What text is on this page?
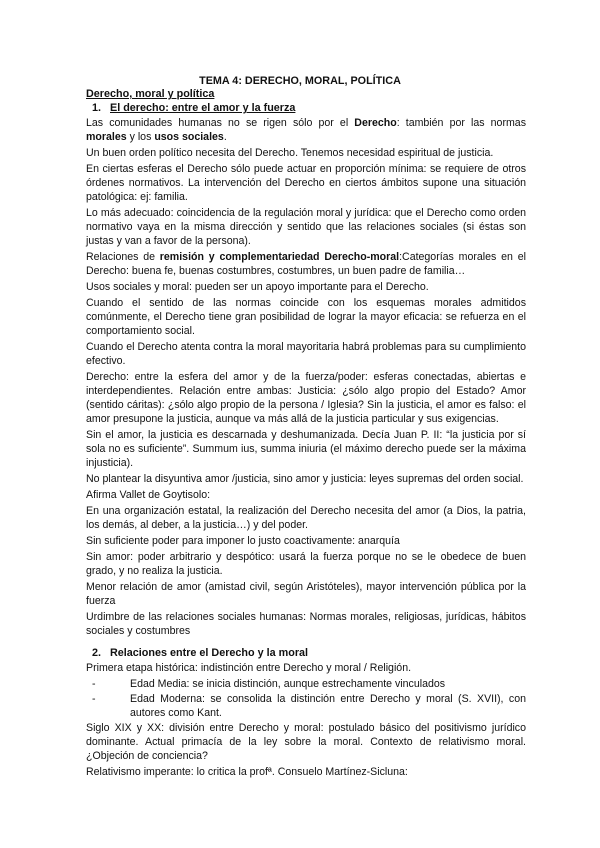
TEMA 4: DERECHO, MORAL, POLÍTICA
Derecho, moral y política
1. El derecho: entre el amor y la fuerza

Las comunidades humanas no se rigen sólo por el Derecho: también por las normas morales y los usos sociales.

Un buen orden político necesita del Derecho. Tenemos necesidad espiritual de justicia.

En ciertas esferas el Derecho sólo puede actuar en proporción mínima: se requiere de otros órdenes normativos. La intervención del Derecho en ciertos ámbitos supone una situación patológica: ej: familia.

Lo más adecuado: coincidencia de la regulación moral y jurídica: que el Derecho como orden normativo vaya en la misma dirección y sentido que las relaciones sociales (si éstas son justas y van a favor de la persona).

Relaciones de remisión y complementariedad Derecho-moral:Categorías morales en el Derecho: buena fe, buenas costumbres, costumbres, un buen padre de familia…

Usos sociales y moral: pueden ser un apoyo importante para el Derecho.

Cuando el sentido de las normas coincide con los esquemas morales admitidos comúnmente, el Derecho tiene gran posibilidad de lograr la mayor eficacia: se refuerza en el comportamiento social.

Cuando el Derecho atenta contra la moral mayoritaria habrá problemas para su cumplimiento efectivo.

Derecho: entre la esfera del amor y de la fuerza/poder: esferas conectadas, abiertas e interdependientes. Relación entre ambas: Justicia: ¿sólo algo propio del Estado? Amor (sentido cáritas): ¿sólo algo propio de la persona / Iglesia? Sin la justicia, el amor es falso: el amor presupone la justicia, aunque va más allá de la justicia particular y sus exigencias.

Sin el amor, la justicia es descarnada y deshumanizada. Decía Juan P. II: “la justicia por sí sola no es suficiente”. Summum ius, summa iniuria (el máximo derecho puede ser la máxima injusticia).

No plantear la disyuntiva amor /justicia, sino amor y justicia: leyes supremas del orden social.

Afirma Vallet de Goytisolo:

En una organización estatal, la realización del Derecho necesita del amor (a Dios, la patria, los demás, al deber, a la justicia…) y del poder.

Sin suficiente poder para imponer lo justo coactivamente: anarquía

Sin amor: poder arbitrario y despótico: usará la fuerza porque no se le obedece de buen grado, y no realiza la justicia.

Menor relación de amor (amistad civil, según Aristóteles), mayor intervención pública por la fuerza

Urdimbre de las relaciones sociales humanas: Normas morales, religiosas, jurídicas, hábitos sociales y costumbres

2. Relaciones entre el Derecho y la moral

Primera etapa histórica: indistinción entre Derecho y moral / Religión.

-	Edad Media: se inicia distinción, aunque estrechamente vinculados
-	Edad Moderna: se consolida la distinción entre Derecho y moral (S. XVII), con autores como Kant.

Siglo XIX y XX: división entre Derecho y moral: postulado básico del positivismo jurídico dominante. Actual primacía de la ley sobre la moral. Contexto de relativismo moral. ¿Objeción de conciencia?

Relativismo imperante: lo critica la profª. Consuelo Martínez-Sicluna:
